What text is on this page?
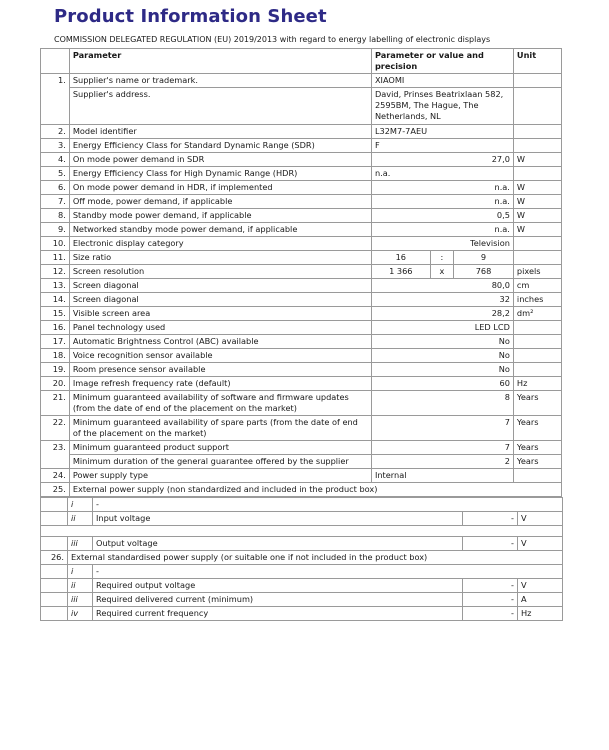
Product Information Sheet
COMMISSION DELEGATED REGULATION (EU) 2019/2013 with regard to energy labelling of electronic displays
	Parameter	Parameter or value and precision			Unit
1.	Supplier's name or trademark.	XIAOMI			
	Supplier's address.	David, Prinses Beatrixlaan 582, 2595BM, The Hague, The Netherlands, NL			
2.	Model identifier	L32M7-7AEU			
3.	Energy Efficiency Class for Standard Dynamic Range (SDR)	F			
4.	On mode power demand in SDR	27,0			W
5.	Energy Efficiency Class for High Dynamic Range (HDR)	n.a.			
6.	On mode power demand in HDR, if implemented	n.a.			W
7.	Off mode, power demand, if applicable	n.a.			W
8.	Standby mode power demand, if applicable	0,5			W
9.	Networked standby mode power demand, if applicable	n.a.			W
10.	Electronic display category	Television			
11.	Size ratio	16	:	9	
12.	Screen resolution	1 366	x	768	pixels
13.	Screen diagonal	80,0			cm
14.	Screen diagonal	32			inches
15.	Visible screen area	28,2			dm²
16.	Panel technology used	LED LCD			
17.	Automatic Brightness Control (ABC) available	No			
18.	Voice recognition sensor available	No			
19.	Room presence sensor available	No			
20.	Image refresh frequency rate (default)	60			Hz
21.	Minimum guaranteed availability of software and firmware updates (from the date of end of the placement on the market)	8			Years
22.	Minimum guaranteed availability of spare parts (from the date of end of the placement on the market)	7			Years
23.	Minimum guaranteed product support	7			Years
	Minimum duration of the general guarantee offered by the supplier	2			Years
24.	Power supply type	Internal			
25.	External power supply (non standardized and included in the product box)				
	i	-		
	ii	Input voltage	-	V

	iii	Output voltage	-	V
26.	External standardised power supply (or suitable one if not included in the product box)			
	i	-		
	ii	Required output voltage	-	V
	iii	Required delivered current (minimum)	-	A
	iv	Required current frequency	-	Hz
